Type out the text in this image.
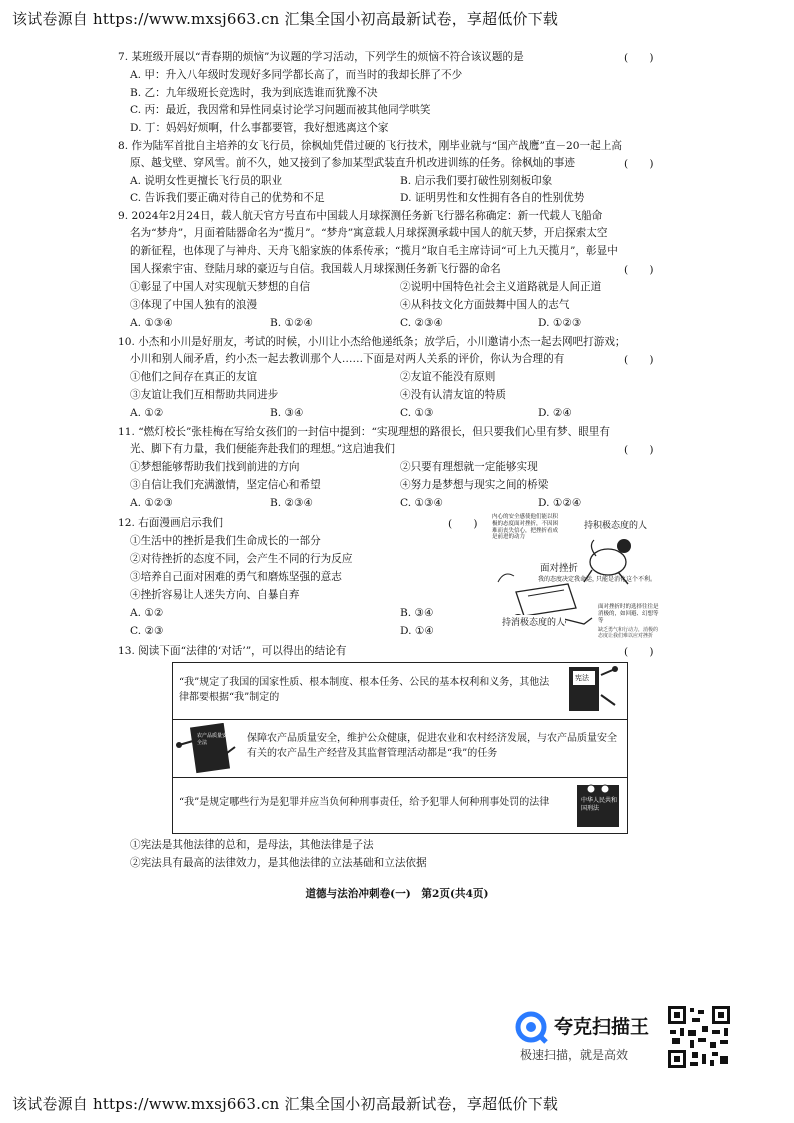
该试卷源自 https://www.mxsj663.cn 汇集全国小初高最新试卷，享超低价下载
7. 某班级开展以“青春期的烦恼”为议题的学习活动，下列学生的烦恼不符合该议题的是	(　　)
A. 甲：升入八年级时发现好多同学都长高了，而当时的我却长胖了不少
B. 乙：九年级班长竞选时，我为到底选谁而犹豫不决
C. 丙：最近，我因常和异性同桌讨论学习问题而被其他同学哄笑
D. 丁：妈妈好烦啊，什么事都要管，我好想逃离这个家
8. 作为陆军首批自主培养的女飞行员，徐枫灿凭借过硬的飞行技术，刚毕业就与“国产战鹰”直－20一起上高
原、越戈壁、穿风雪。前不久，她又接到了参加某型武装直升机改进训练的任务。徐枫灿的事迹	(　　)
A. 说明女性更擅长飞行员的职业	B. 启示我们要打破性别刻板印象
C. 告诉我们要正确对待自己的优势和不足	D. 证明男性和女性拥有各自的性别优势
9. 2024年2月24日，载人航天官方号直布中国载人月球探测任务新飞行器名称确定：新一代载人飞船命
名为“梦舟”，月面着陆器命名为“揽月”。“梦舟”寓意载人月球探测承载中国人的航天梦，开启探索太空
的新征程，也体现了与神舟、天舟飞船家族的体系传承；“揽月”取自毛主席诗词“可上九天揽月”，彰显中
国人探索宇宙、登陆月球的豪迈与自信。我国载人月球探测任务新飞行器的命名	(　　)
①彰显了中国人对实现航天梦想的自信	②说明中国特色社会主义道路就是人间正道
③体现了中国人独有的浪漫	④从科技文化方面鼓舞中国人的志气
A. ①③④	B. ①②④	C. ②③④	D. ①②③
10. 小杰和小川是好朋友，考试的时候，小川让小杰给他递纸条；放学后，小川邀请小杰一起去网吧打游戏；
小川和别人闹矛盾，约小杰一起去教训那个人……下面是对两人关系的评价，你认为合理的有	(　　)
①他们之间存在真正的友谊	②友谊不能没有原则
③友谊让我们互相帮助共同进步	④没有认清友谊的特质
A. ①②	B. ③④	C. ①③	D. ②④
11. “燃灯校长”张桂梅在写给女孩们的一封信中提到：“实现理想的路很长，但只要我们心里有梦、眼里有
光、脚下有力量，我们便能奔赴我们的理想。”这启迪我们	(　　)
①梦想能够帮助我们找到前进的方向	②只要有理想就一定能够实现
③自信让我们充满激情，坚定信心和希望	④努力是梦想与现实之间的桥梁
A. ①②③	B. ②③④	C. ①③④	D. ①②④
12. 右面漫画启示我们	(　　)
①生活中的挫折是我们生命成长的一部分
②对待挫折的态度不同，会产生不同的行为反应
③培养自己面对困难的勇气和磨炼坚强的意志
④挫折容易让人迷失方向、自暴自弃
A. ①②	B. ③④
C. ②③	D. ①④
内心的安全感使他们能以积极的态度面对挫折，不因困难而丧失信心，把挫折看成是前进的动力
持积极态度的人
面对挫折
我的态度决定我命运，
只能是消化这个不利。
持消极态度的人
面对挫折时的选择往往是消极的，如回避、幻想等等
缺乏勇气和行动力，消极的态度让我们难以应对挫折
13. 阅读下面“法律的‘对话’”，可以得出的结论有	(　　)
“我”规定了我国的国家性质、根本制度、根本任务、公民的基本权利和义务，其他法律都要根据“我”制定的
宪法
农产品质量安全法	保障农产品质量安全，维护公众健康，促进农业和农村经济发展，与农产品质量安全有关的农产品生产经营及其监督管理活动都是“我”的任务
“我”是规定哪些行为是犯罪并应当负何种刑事责任，给予犯罪人何种刑事处罚的法律	中华人民共和国刑法
①宪法是其他法律的总和，是母法，其他法律是子法
②宪法具有最高的法律效力，是其他法律的立法基础和立法依据
道德与法治冲刺卷(一)　第2页(共4页)
夸克扫描王
极速扫描，就是高效
该试卷源自 https://www.mxsj663.cn 汇集全国小初高最新试卷，享超低价下载
